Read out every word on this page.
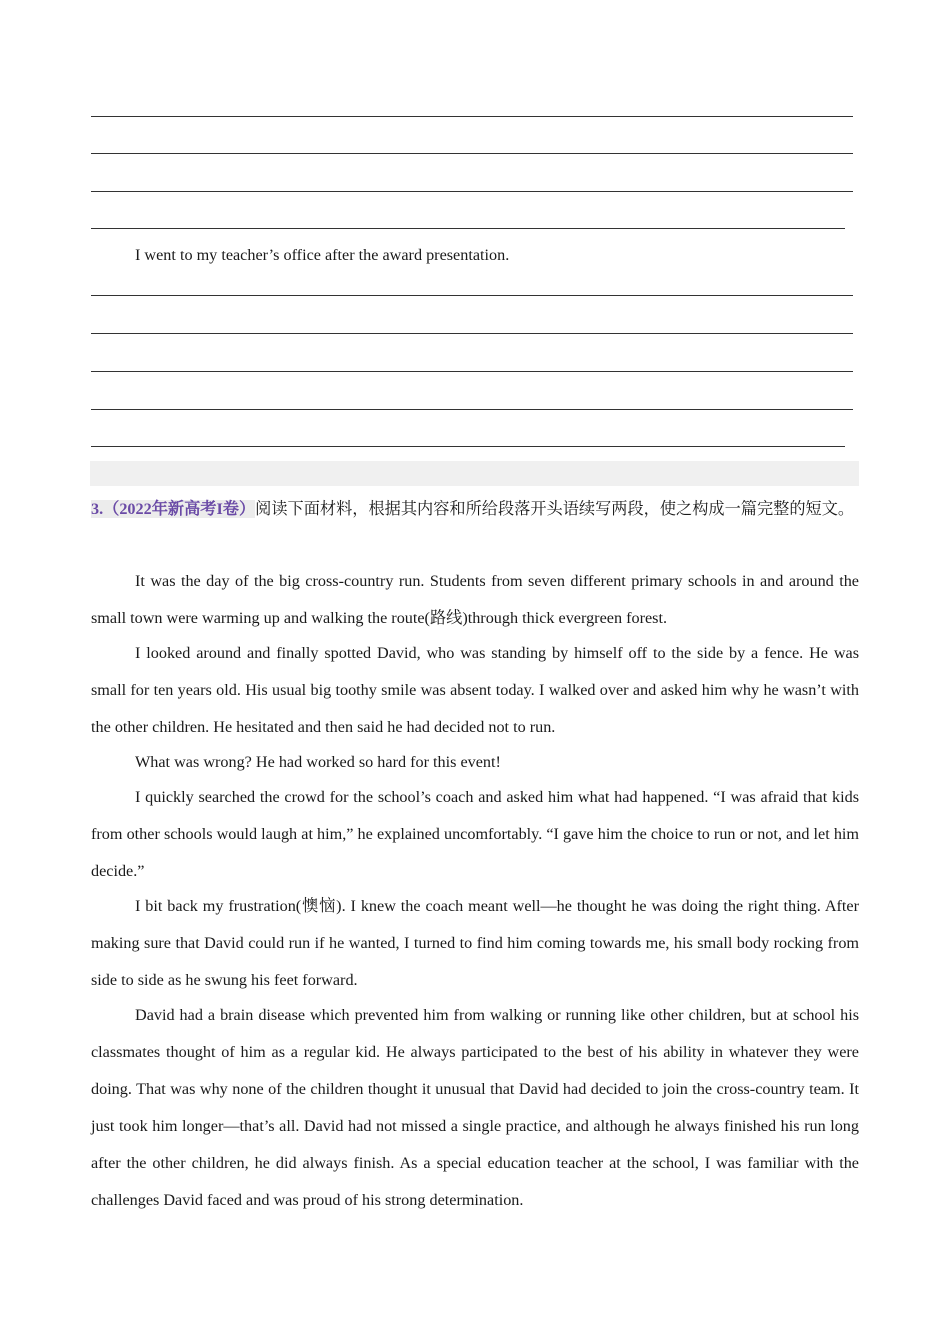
I went to my teacher’s office after the award presentation.

3.（2022年新高考I卷）阅读下面材料，根据其内容和所给段落开头语续写两段，使之构成一篇完整的短文。
It was the day of the big cross-country run. Students from seven different primary schools in and around the small town were warming up and walking the route(路线)through thick evergreen forest.
I looked around and finally spotted David, who was standing by himself off to the side by a fence. He was small for ten years old. His usual big toothy smile was absent today. I walked over and asked him why he wasn’t with the other children. He hesitated and then said he had decided not to run.
What was wrong? He had worked so hard for this event!
I quickly searched the crowd for the school’s coach and asked him what had happened. “I was afraid that kids from other schools would laugh at him,” he explained uncomfortably. “I gave him the choice to run or not, and let him decide.”
I bit back my frustration(懊恼). I knew the coach meant well—he thought he was doing the right thing. After making sure that David could run if he wanted, I turned to find him coming towards me, his small body rocking from side to side as he swung his feet forward.
David had a brain disease which prevented him from walking or running like other children, but at school his classmates thought of him as a regular kid. He always participated to the best of his ability in whatever they were doing. That was why none of the children thought it unusual that David had decided to join the cross-country team. It just took him longer—that’s all. David had not missed a single practice, and although he always finished his run long after the other children, he did always finish. As a special education teacher at the school, I was familiar with the challenges David faced and was proud of his strong determination.
